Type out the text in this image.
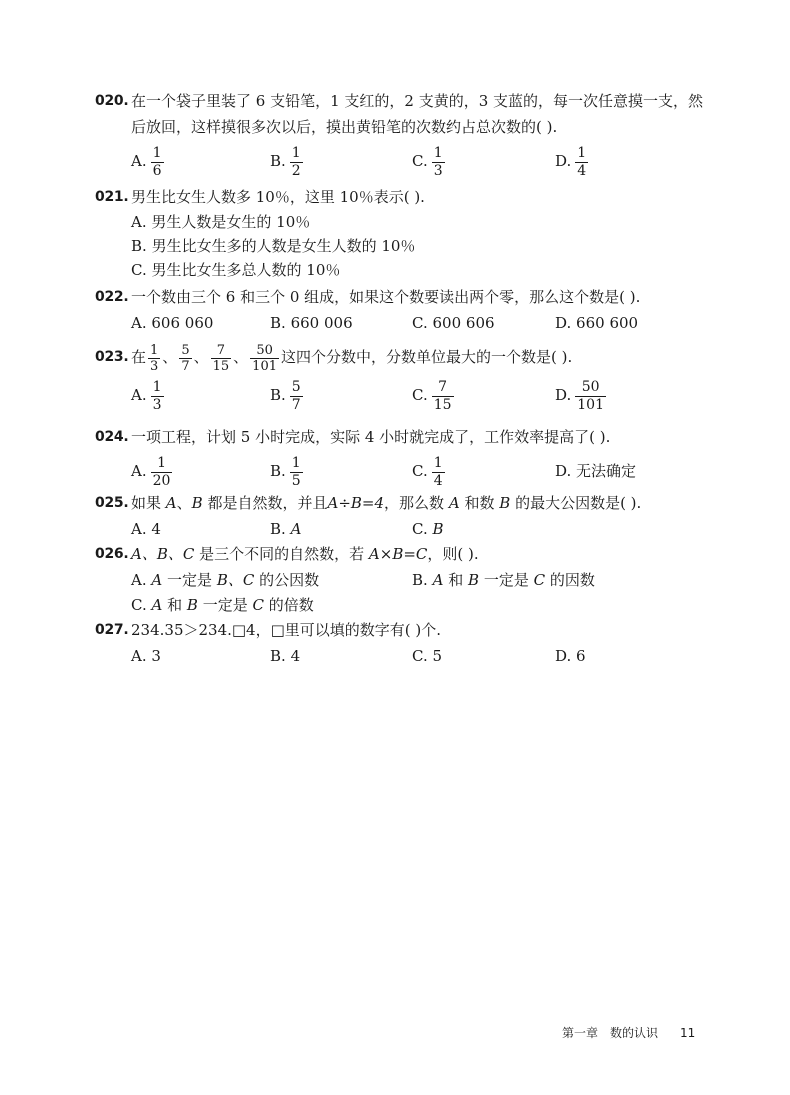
020. 在一个袋子里装了 6 支铅笔，1 支红的，2 支黄的，3 支蓝的，每一次任意摸一支，然
后放回，这样摸很多次以后，摸出黄铅笔的次数约占总次数的( ).
A. $\frac{1}{6}$	B. $\frac{1}{2}$	C. $\frac{1}{3}$	D. $\frac{1}{4}$
021. 男生比女生人数多 10％，这里 10％表示( ).
A. 男生人数是女生的 10％
B. 男生比女生多的人数是女生人数的 10％
C. 男生比女生多总人数的 10％
022. 一个数由三个 6 和三个 0 组成，如果这个数要读出两个零，那么这个数是( ).
A. 606 060	B. 660 006	C. 600 606	D. 660 600
023. 在 $\frac{1}{3}$ 、 $\frac{5}{7}$ 、 $\frac{7}{15}$ 、 $\frac{50}{101}$ 这四个分数中，分数单位最大的一个数是( ).
A. $\frac{1}{3}$	B. $\frac{5}{7}$	C. $\frac{7}{15}$	D. $\frac{50}{101}$
024. 一项工程，计划 5 小时完成，实际 4 小时就完成了，工作效率提高了( ).
A. $\frac{1}{20}$	B. $\frac{1}{5}$	C. $\frac{1}{4}$	D. 无法确定
025. 如果 A、B 都是自然数，并且A÷B=4，那么数 A 和数 B 的最大公因数是( ).
A. 4	B. A	C. B
026. A、B、C 是三个不同的自然数，若 A×B=C，则( ).
A. A 一定是 B、C 的公因数	B. A 和 B 一定是 C 的因数
C. A 和 B 一定是 C 的倍数
027. 234.35＞234.□4，□里可以填的数字有( )个.
A. 3	B. 4	C. 5	D. 6
第一章　数的认识 11
